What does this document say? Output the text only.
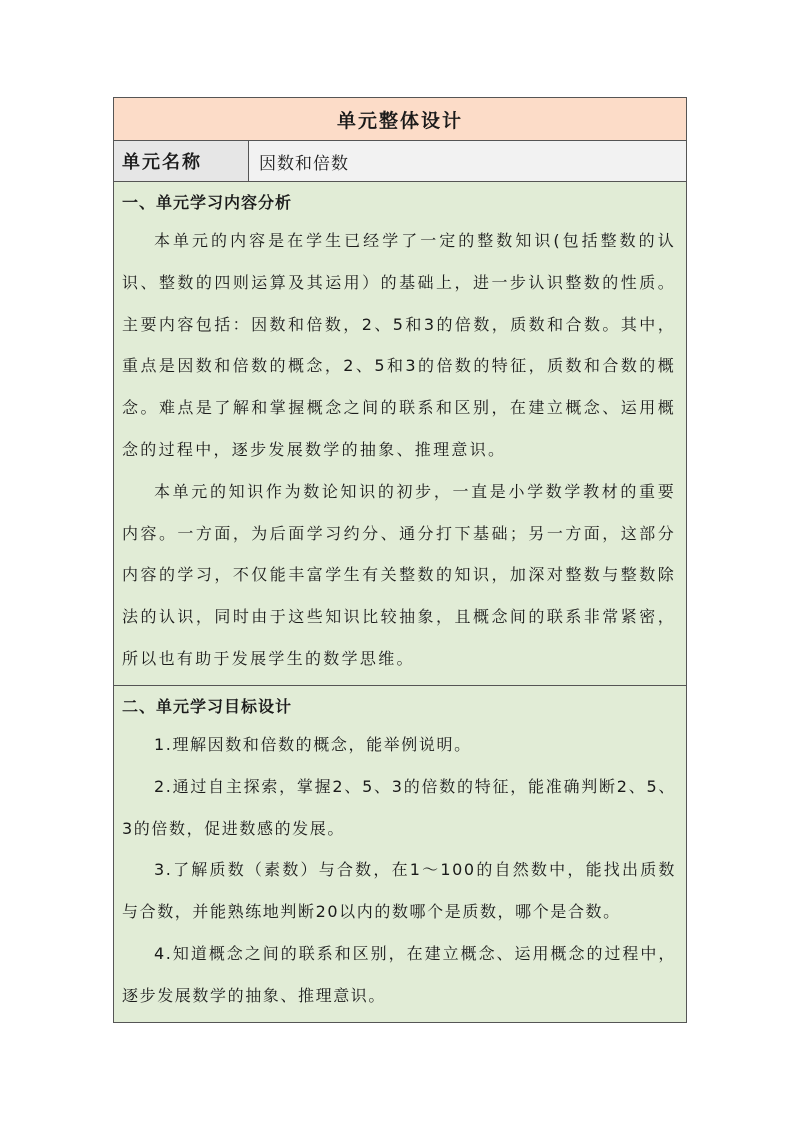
单元整体设计
单元名称	因数和倍数

一、单元学习内容分析

本单元的内容是在学生已经学了一定的整数知识(包括整数的认识、整数的四则运算及其运用）的基础上，进一步认识整数的性质。主要内容包括：因数和倍数，2、5和3的倍数，质数和合数。其中，重点是因数和倍数的概念，2、5和3的倍数的特征，质数和合数的概念。难点是了解和掌握概念之间的联系和区别，在建立概念、运用概念的过程中，逐步发展数学的抽象、推理意识。

本单元的知识作为数论知识的初步，一直是小学数学教材的重要内容。一方面，为后面学习约分、通分打下基础；另一方面，这部分内容的学习，不仅能丰富学生有关整数的知识，加深对整数与整数除法的认识，同时由于这些知识比较抽象，且概念间的联系非常紧密，所以也有助于发展学生的数学思维。

二、单元学习目标设计

1.理解因数和倍数的概念，能举例说明。

2.通过自主探索，掌握2、5、3的倍数的特征，能准确判断2、5、3的倍数，促进数感的发展。

3.了解质数（素数）与合数，在1～100的自然数中，能找出质数与合数，并能熟练地判断20以内的数哪个是质数，哪个是合数。

4.知道概念之间的联系和区别，在建立概念、运用概念的过程中，逐步发展数学的抽象、推理意识。
